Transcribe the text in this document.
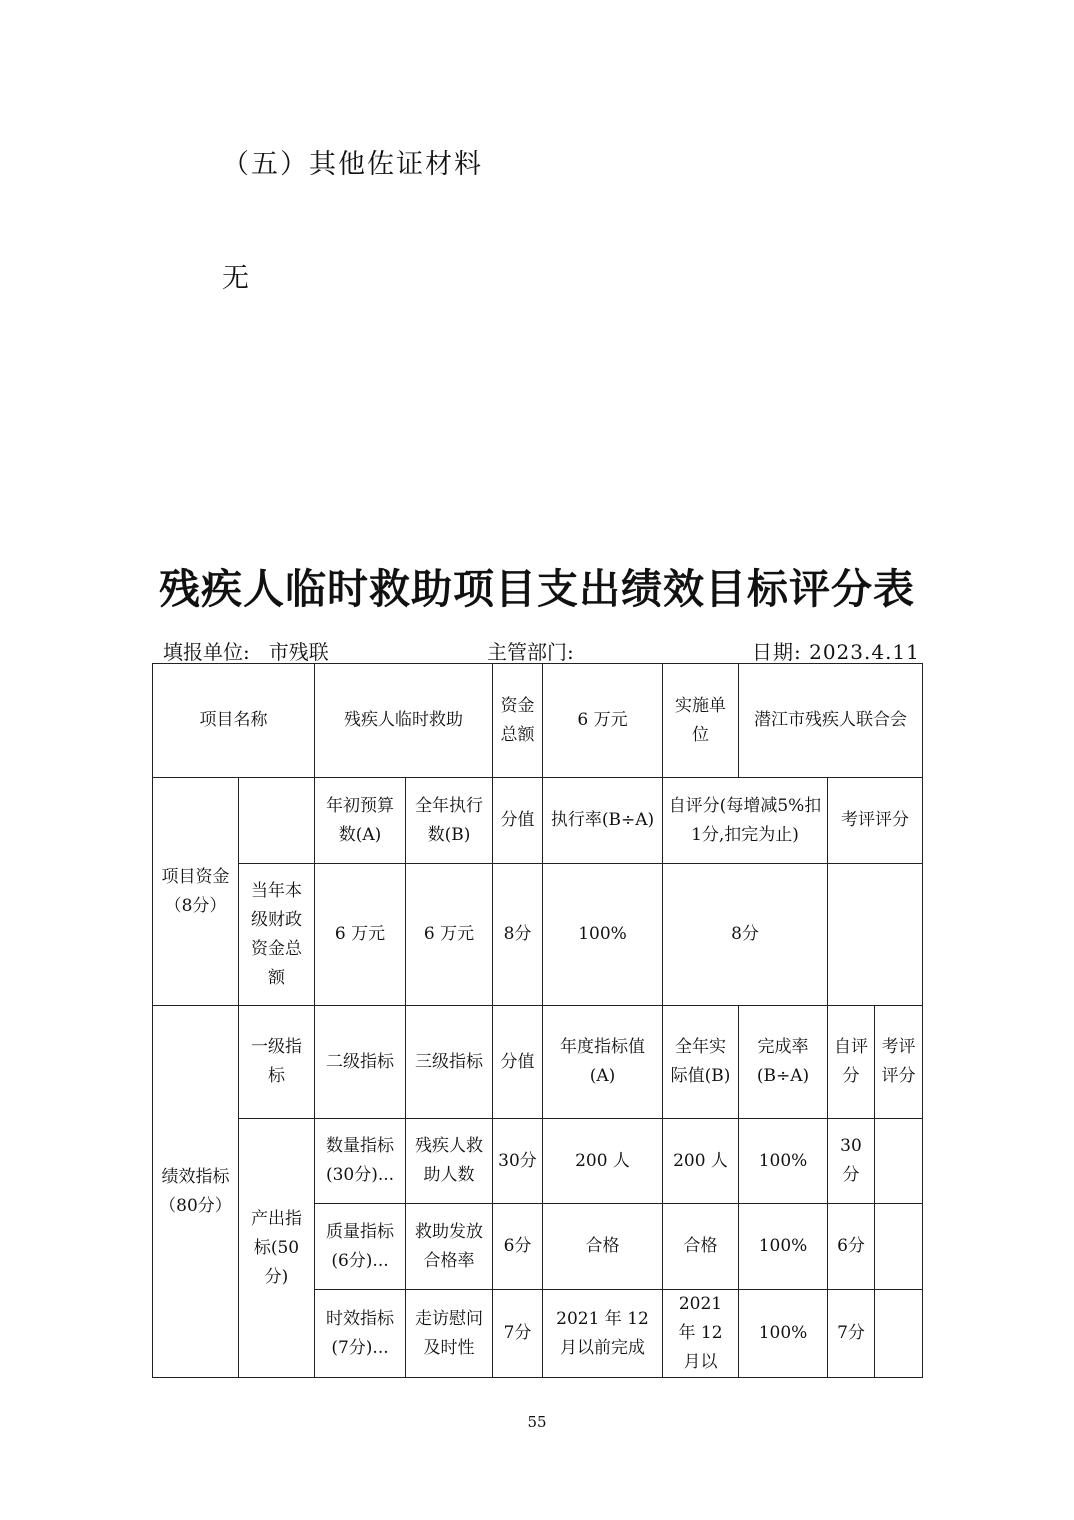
（五）其他佐证材料
无
残疾人临时救助项目支出绩效目标评分表
填报单位:   市残联	主管部门:	日期: 2023.4.11
项目名称		残疾人临时救助		资金总额	6 万元	实施单位	潜江市残疾人联合会		
项目资金（8分）		年初预算数(A)	全年执行数(B)	分值	执行率(B÷A)	自评分(每增减5%扣1分,扣完为止)		考评评分	
	当年本级财政资金总额	6 万元	6 万元	8分	100%	8分			
绩效指标（80分）	一级指标	二级指标	三级指标	分值	年度指标值(A)	全年实际值(B)	完成率(B÷A)	自评分	考评评分
	产出指标(50分)	数量指标(30分)...	残疾人救助人数	30分	200 人	200 人	100%	30分	
		质量指标(6分)...	救助发放合格率	6分	合格	合格	100%	6分	
		时效指标(7分)...	走访慰问及时性	7分	2021 年 12 月以前完成	2021 年 12 月以	100%	7分	
55
